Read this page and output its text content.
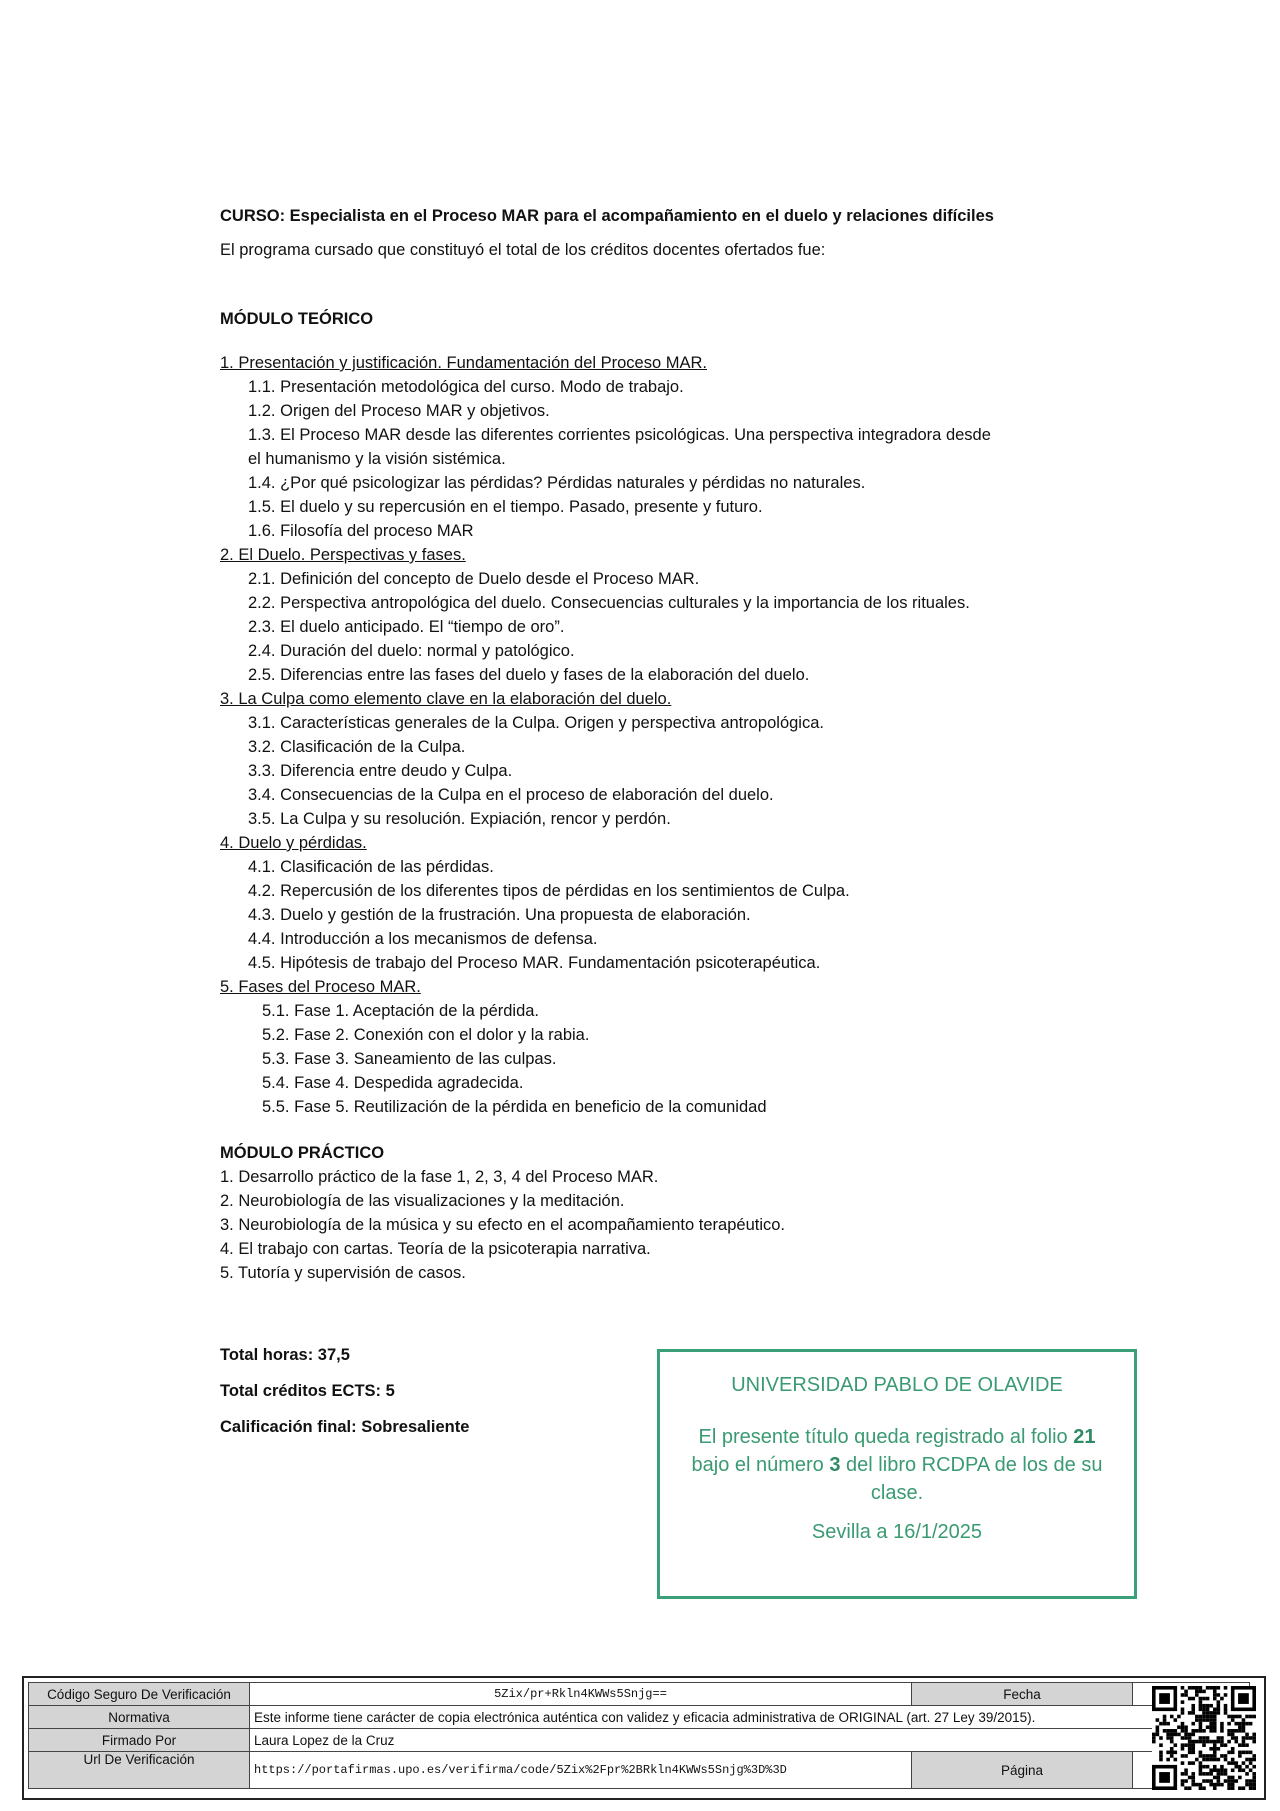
CURSO: Especialista en el Proceso MAR para el acompañamiento en el duelo y relaciones difíciles

El programa cursado que constituyó el total de los créditos docentes ofertados fue:

MÓDULO TEÓRICO

1. Presentación y justificación. Fundamentación del Proceso MAR.

1.1. Presentación metodológica del curso. Modo de trabajo.

1.2. Origen del Proceso MAR y objetivos.

1.3. El Proceso MAR desde las diferentes corrientes psicológicas. Una perspectiva integradora desde

el humanismo y la visión sistémica.

1.4. ¿Por qué psicologizar las pérdidas? Pérdidas naturales y pérdidas no naturales.

1.5. El duelo y su repercusión en el tiempo. Pasado, presente y futuro.

1.6. Filosofía del proceso MAR

2. El Duelo. Perspectivas y fases.

2.1. Definición del concepto de Duelo desde el Proceso MAR.

2.2. Perspectiva antropológica del duelo. Consecuencias culturales y la importancia de los rituales.

2.3. El duelo anticipado. El “tiempo de oro”.

2.4. Duración del duelo: normal y patológico.

2.5. Diferencias entre las fases del duelo y fases de la elaboración del duelo.

3. La Culpa como elemento clave en la elaboración del duelo.

3.1. Características generales de la Culpa. Origen y perspectiva antropológica.

3.2. Clasificación de la Culpa.

3.3. Diferencia entre deudo y Culpa.

3.4. Consecuencias de la Culpa en el proceso de elaboración del duelo.

3.5. La Culpa y su resolución. Expiación, rencor y perdón.

4. Duelo y pérdidas.

4.1. Clasificación de las pérdidas.

4.2. Repercusión de los diferentes tipos de pérdidas en los sentimientos de Culpa.

4.3. Duelo y gestión de la frustración. Una propuesta de elaboración.

4.4. Introducción a los mecanismos de defensa.

4.5. Hipótesis de trabajo del Proceso MAR. Fundamentación psicoterapéutica.

5. Fases del Proceso MAR.

5.1. Fase 1. Aceptación de la pérdida.

5.2. Fase 2. Conexión con el dolor y la rabia.

5.3. Fase 3. Saneamiento de las culpas.

5.4. Fase 4. Despedida agradecida.

5.5. Fase 5. Reutilización de la pérdida en beneficio de la comunidad

MÓDULO PRÁCTICO

1. Desarrollo práctico de la fase 1, 2, 3, 4 del Proceso MAR.

2. Neurobiología de las visualizaciones y la meditación.

3. Neurobiología de la música y su efecto en el acompañamiento terapéutico.

4. El trabajo con cartas. Teoría de la psicoterapia narrativa.

5. Tutoría y supervisión de casos.

Total horas: 37,5

Total créditos ECTS: 5

Calificación final: Sobresaliente

UNIVERSIDAD PABLO DE OLAVIDE
El presente título queda registrado al folio 21 bajo el número 3 del libro RCDPA de los de su clase.
Sevilla a 16/1/2025
Código Seguro De Verificación	5Zix/pr+Rkln4KWWs5Snjg==	Fecha	
Normativa	Este informe tiene carácter de copia electrónica auténtica con validez y eficacia administrativa de ORIGINAL (art. 27 Ley 39/2015).		
Firmado Por	Laura Lopez de la Cruz		
Url De Verificación	https://portafirmas.upo.es/verifirma/code/5Zix%2Fpr%2BRkln4KWWs5Snjg%3D%3D	Página	
